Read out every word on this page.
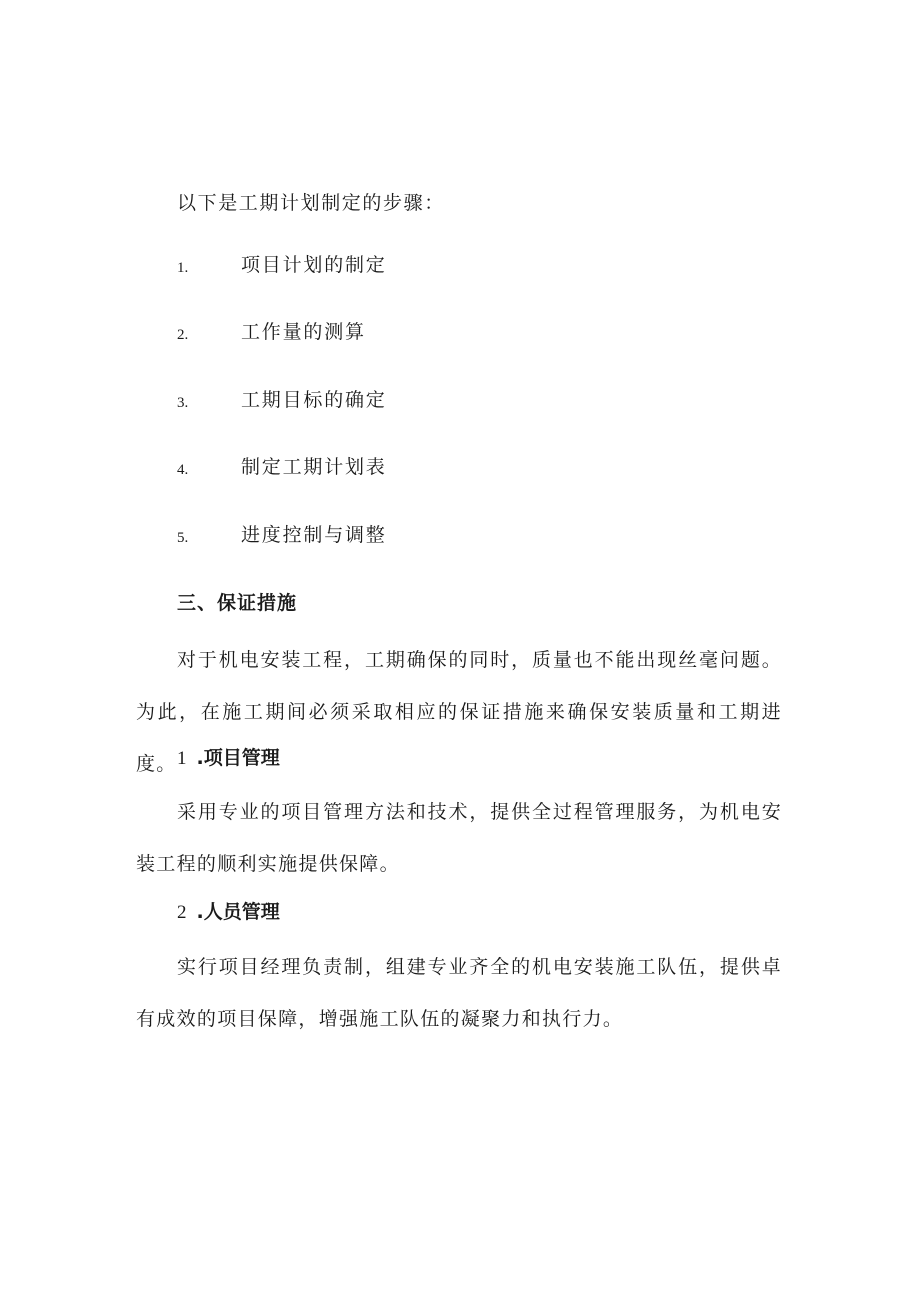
以下是工期计划制定的步骤：
1.	项目计划的制定
2.	工作量的测算
3.	工期目标的确定
4.	制定工期计划表
5.	进度控制与调整
三、保证措施
对于机电安装工程，工期确保的同时，质量也不能出现丝毫问题。为此，在施工期间必须采取相应的保证措施来确保安装质量和工期进度。 1 .项目管理
采用专业的项目管理方法和技术，提供全过程管理服务，为机电安装工程的顺利实施提供保障。
2 .人员管理
实行项目经理负责制，组建专业齐全的机电安装施工队伍，提供卓有成效的项目保障，增强施工队伍的凝聚力和执行力。
